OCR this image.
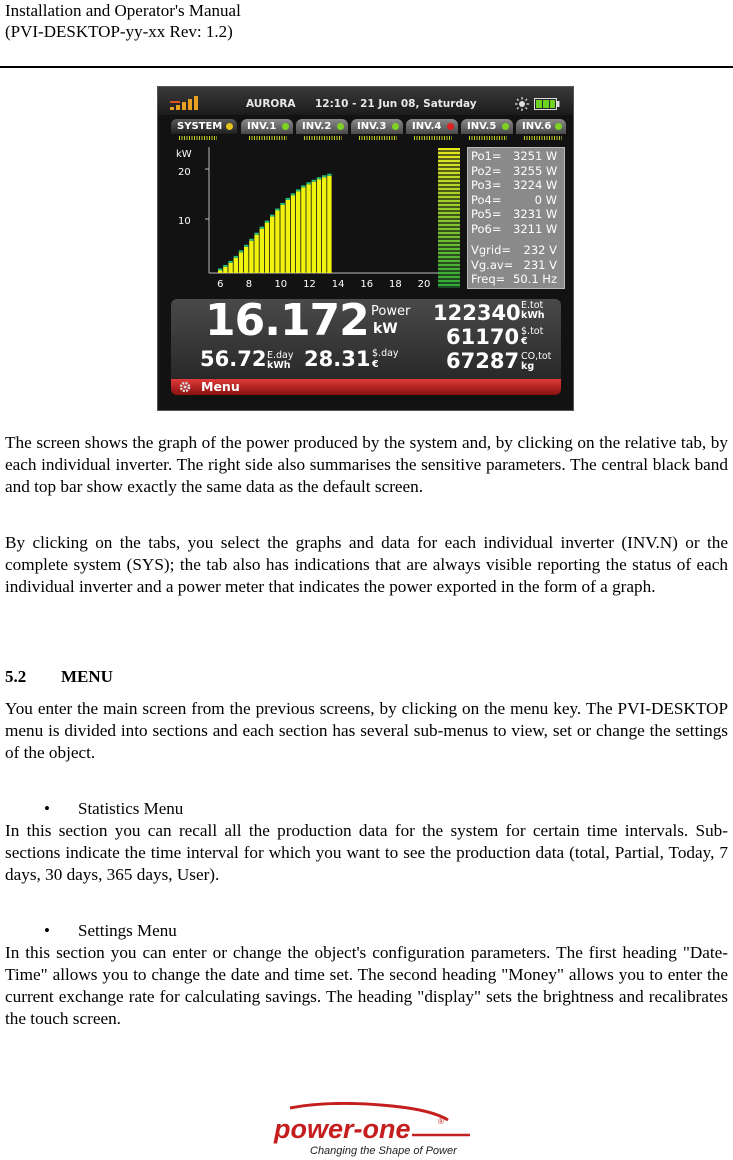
Installation and Operator's Manual
(PVI-DESKTOP-yy-xx Rev: 1.2)
AURORA 12:10 - 21 Jun 08, Saturday
SYSTEM	INV.1	INV.2	INV.3	INV.4	INV.5	INV.6
kW
20
10
6 8 10 12 14 16 18 20
Po1= 3251 W
Po2= 3255 W
Po3= 3224 W
Po4=	0 W
Po5= 3231 W
Po6= 3211 W
Vgrid=	232 V
Vg.av= 231 V
Freq= 50.1 Hz
16.172 Power
kW
122340 E.tot
kWh
61170 $.tot
€
67287 CO,tot
kg
56.72 E.day
kWh 28.31 $.day
€
Menu
The screen shows the graph of the power produced by the system and, by clicking on the relative tab, by each individual inverter. The right side also summarises the sensitive parameters. The central black band and top bar show exactly the same data as the default screen.
By clicking on the tabs, you select the graphs and data for each individual inverter (INV.N) or the complete system (SYS); the tab also has indications that are always visible reporting the status of each individual inverter and a power meter that indicates the power exported in the form of a graph.
5.2 MENU
You enter the main screen from the previous screens, by clicking on the menu key. The PVI-DESKTOP menu is divided into sections and each section has several sub-menus to view, set or change the settings of the object.
• Statistics Menu
In this section you can recall all the production data for the system for certain time intervals. Sub-sections indicate the time interval for which you want to see the production data (total, Partial, Today, 7 days, 30 days, 365 days, User).
• Settings Menu
In this section you can enter or change the object's configuration parameters. The first heading "Date-Time" allows you to change the date and time set. The second heading "Money" allows you to enter the current exchange rate for calculating savings. The heading "display" sets the brightness and recalibrates the touch screen.
power-one	®
Changing the Shape of Power
